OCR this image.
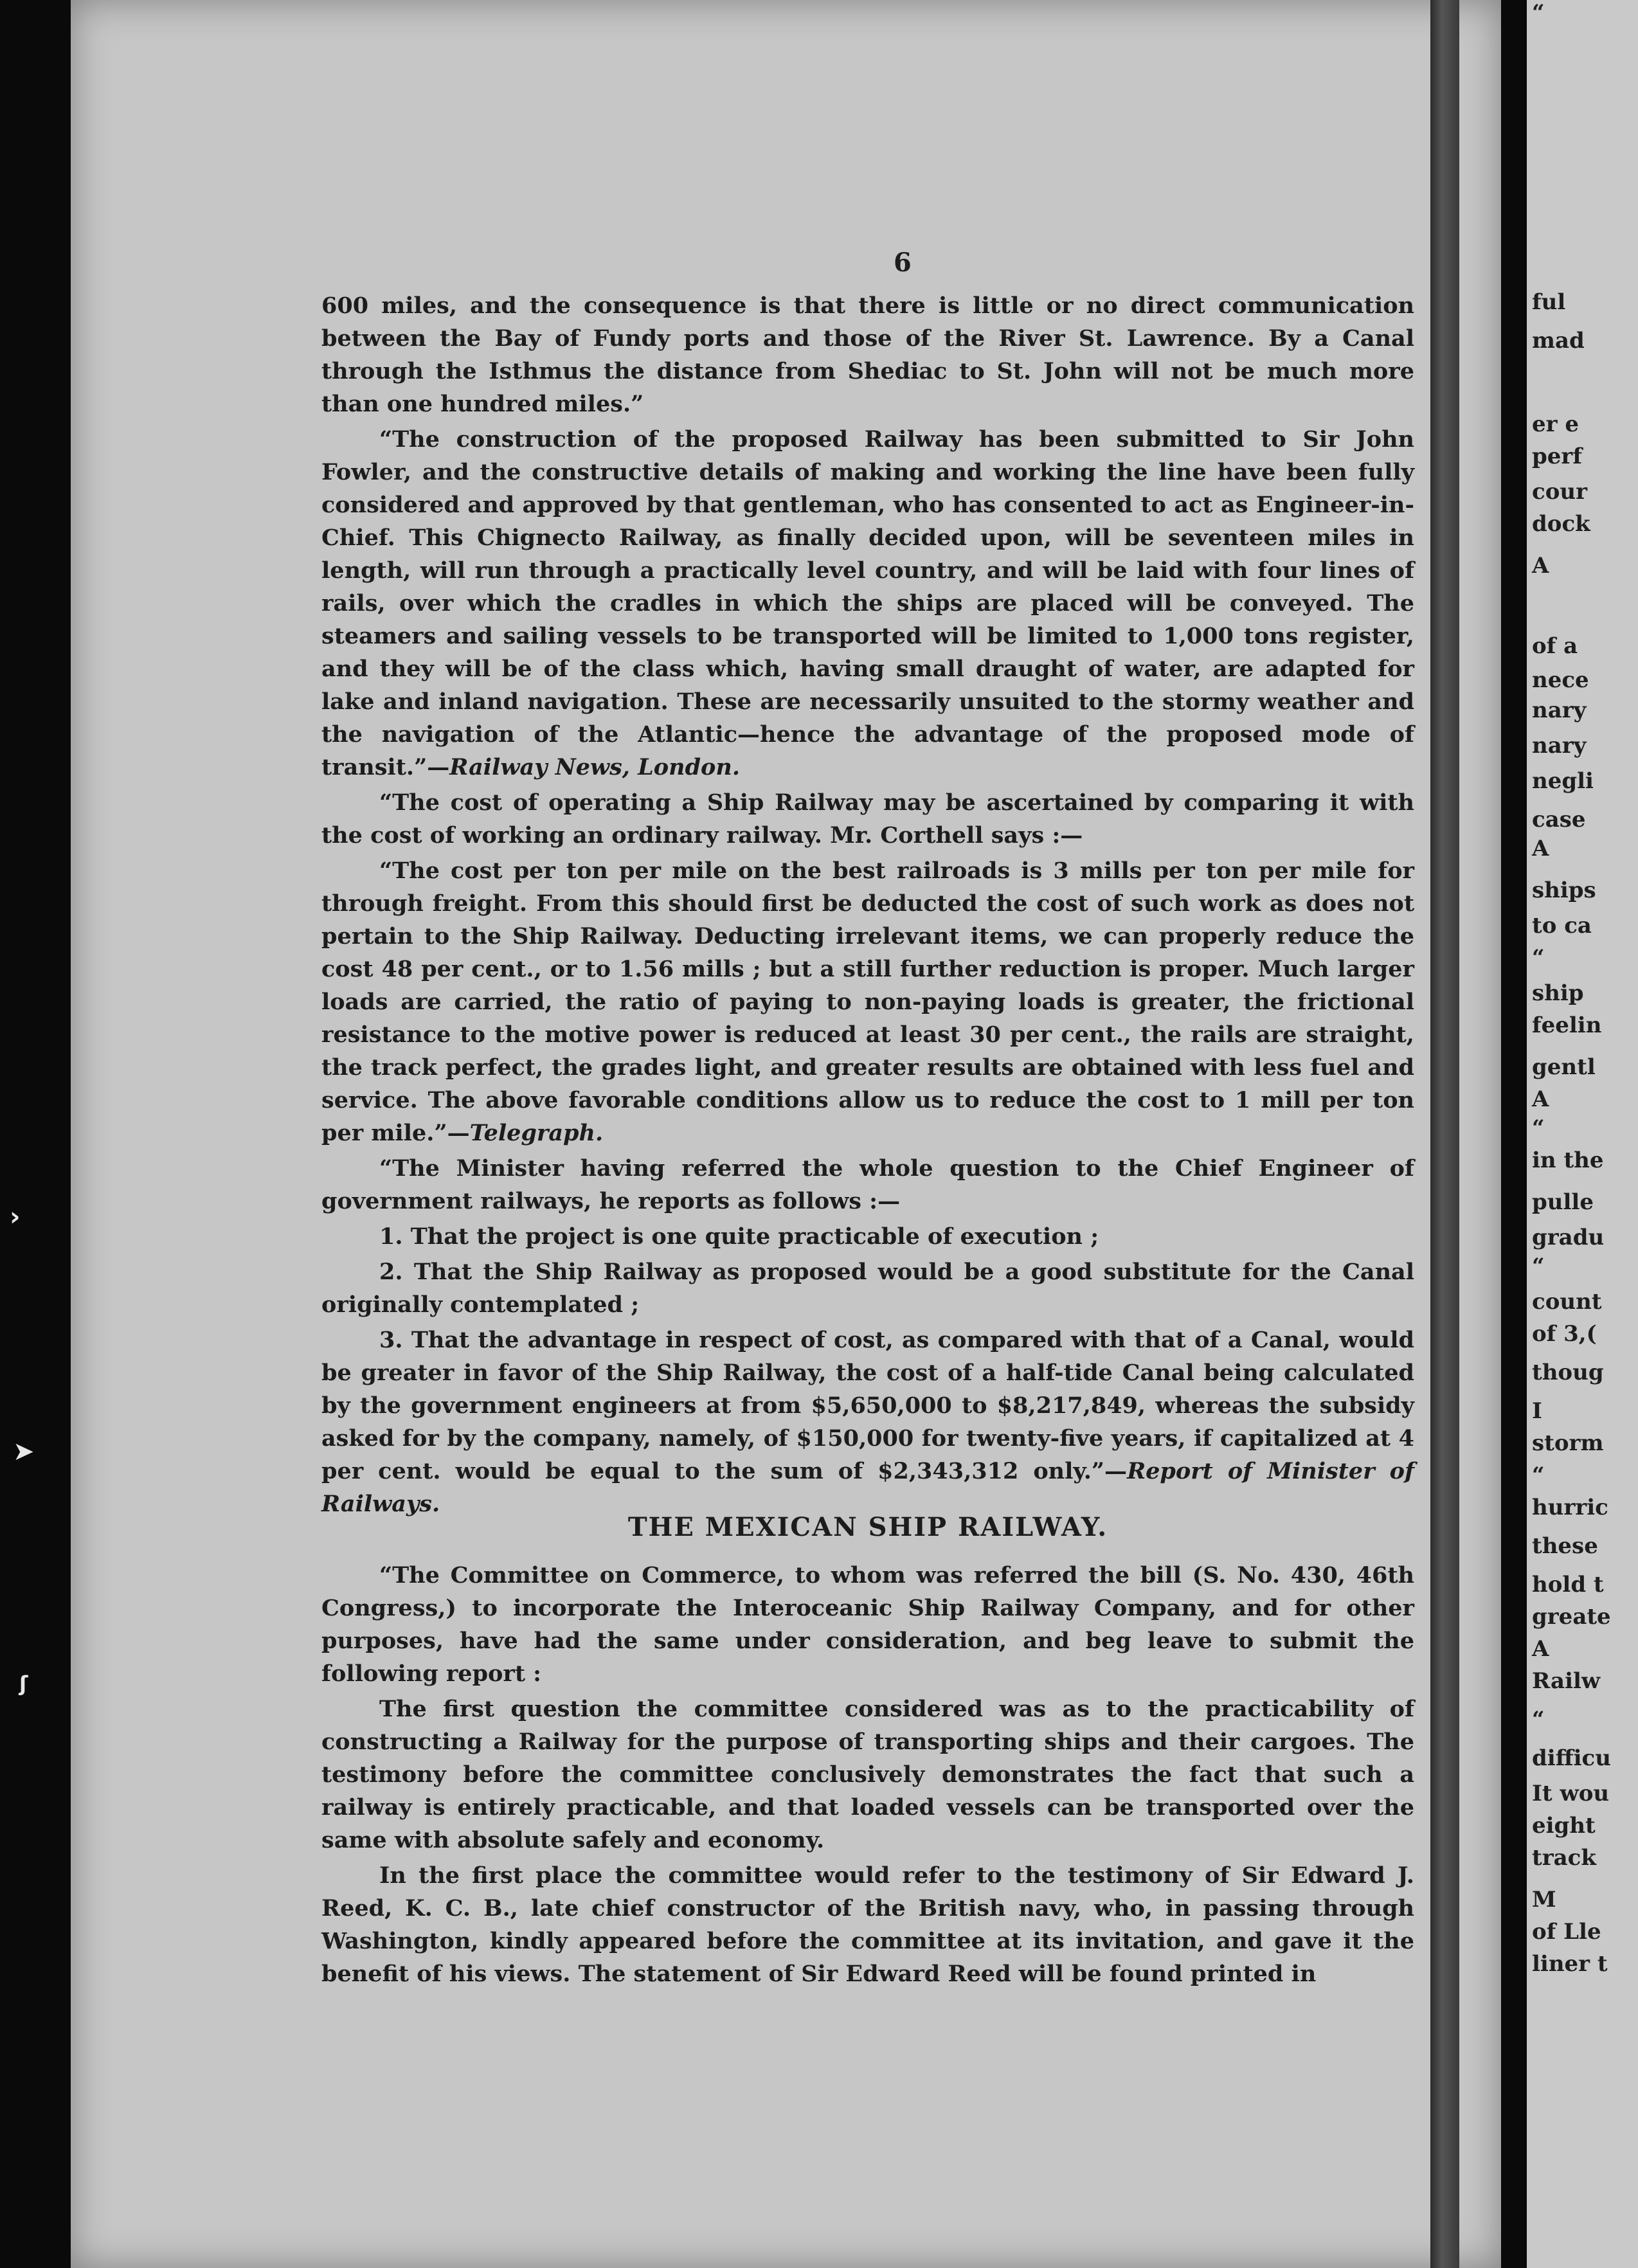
ful
mad
er e
perf
cour
dock
A
of a
nece
nary
nary
negli
case
A
ships
to ca
“
ship
feelin
gentl
A
“
in the
pulle
gradu
“
count
of 3,(
thoug
I
storm
“
hurric
these
hold t
greate
A
Railw
“
difficu
It wou
eight
track
M
of Lle
liner t
“
›
➤
ʃ
6

600 miles, and the consequence is that there is little or no direct communication between the Bay of Fundy ports and those of the River St. Lawrence. By a Canal through the Isthmus the distance from Shediac to St. John will not be much more than one hundred miles.”

“The construction of the proposed Railway has been submitted to Sir John Fowler, and the constructive details of making and working the line have been fully considered and approved by that gentleman, who has consented to act as Engineer-in-Chief. This Chignecto Railway, as finally decided upon, will be seventeen miles in length, will run through a practically level country, and will be laid with four lines of rails, over which the cradles in which the ships are placed will be conveyed. The steamers and sailing vessels to be transported will be limited to 1,000 tons register, and they will be of the class which, having small draught of water, are adapted for lake and inland navigation. These are necessarily unsuited to the stormy weather and the navigation of the Atlantic—hence the advantage of the proposed mode of transit.”—Railway News, London.

“The cost of operating a Ship Railway may be ascertained by comparing it with the cost of working an ordinary railway. Mr. Corthell says :—

“The cost per ton per mile on the best railroads is 3 mills per ton per mile for through freight. From this should first be deducted the cost of such work as does not pertain to the Ship Railway. Deducting irrelevant items, we can properly reduce the cost 48 per cent., or to 1.56 mills ; but a still further reduction is proper. Much larger loads are carried, the ratio of paying to non-paying loads is greater, the frictional resistance to the motive power is reduced at least 30 per cent., the rails are straight, the track perfect, the grades light, and greater results are obtained with less fuel and service. The above favorable conditions allow us to reduce the cost to 1 mill per ton per mile.”—Telegraph.

“The Minister having referred the whole question to the Chief Engineer of government railways, he reports as follows :—

1. That the project is one quite practicable of execution ;

2. That the Ship Railway as proposed would be a good substitute for the Canal originally contemplated ;

3. That the advantage in respect of cost, as compared with that of a Canal, would be greater in favor of the Ship Railway, the cost of a half-tide Canal being calculated by the government engineers at from $5,650,000 to $8,217,849, whereas the subsidy asked for by the company, namely, of $150,000 for twenty-five years, if capitalized at 4 per cent. would be equal to the sum of $2,343,312 only.”—Report of Minister of Railways.

THE MEXICAN SHIP RAILWAY.

“The Committee on Commerce, to whom was referred the bill (S. No. 430, 46th Congress,) to incorporate the Interoceanic Ship Railway Company, and for other purposes, have had the same under consideration, and beg leave to submit the following report :

The first question the committee considered was as to the practicability of constructing a Railway for the purpose of transporting ships and their cargoes. The testimony before the committee conclusively demonstrates the fact that such a railway is entirely practicable, and that loaded vessels can be transported over the same with absolute safely and economy.

In the first place the committee would refer to the testimony of Sir Edward J. Reed, K. C. B., late chief constructor of the British navy, who, in passing through Washington, kindly appeared before the committee at its invitation, and gave it the benefit of his views. The statement of Sir Edward Reed will be found printed in
